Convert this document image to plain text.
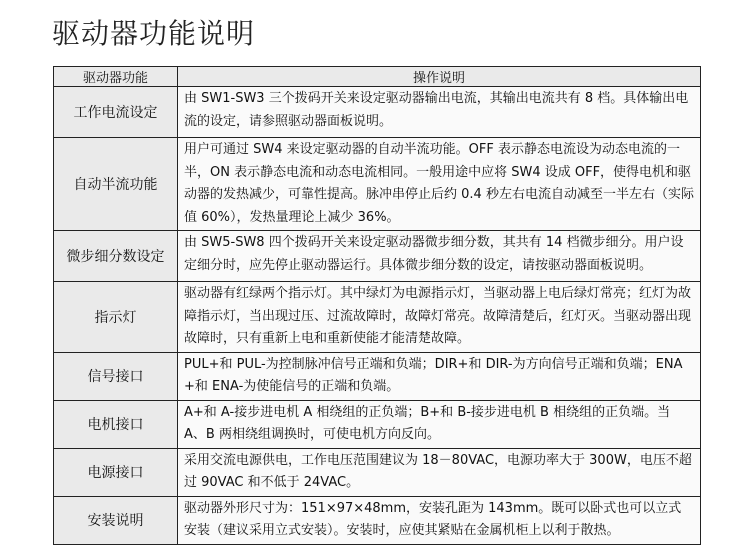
驱动器功能说明
驱动器功能	操作说明
工作电流设定	由 SW1-SW3 三个拨码开关来设定驱动器输出电流，其输出电流共有 8 档。具体输出电流的设定，请参照驱动器面板说明。
自动半流功能	用户可通过 SW4 来设定驱动器的自动半流功能。OFF 表示静态电流设为动态电流的一半，ON 表示静态电流和动态电流相同。一般用途中应将 SW4 设成 OFF，使得电机和驱动器的发热减少，可靠性提高。脉冲串停止后约 0.4 秒左右电流自动减至一半左右（实际值 60%），发热量理论上减少 36%。
微步细分数设定	由 SW5-SW8 四个拨码开关来设定驱动器微步细分数，其共有 14 档微步细分。用户设定细分时，应先停止驱动器运行。具体微步细分数的设定，请按驱动器面板说明。
指示灯	驱动器有红绿两个指示灯。其中绿灯为电源指示灯，当驱动器上电后绿灯常亮；红灯为故障指示灯，当出现过压、过流故障时，故障灯常亮。故障清楚后，红灯灭。当驱动器出现故障时，只有重新上电和重新使能才能清楚故障。
信号接口	PUL+和 PUL-为控制脉冲信号正端和负端；DIR+和 DIR-为方向信号正端和负端；ENA+和 ENA-为使能信号的正端和负端。
电机接口	A+和 A-接步进电机 A 相绕组的正负端；B+和 B-接步进电机 B 相绕组的正负端。当 A、B 两相绕组调换时，可使电机方向反向。
电源接口	采用交流电源供电，工作电压范围建议为 18－80VAC，电源功率大于 300W，电压不超过 90VAC 和不低于 24VAC。
安装说明	驱动器外形尺寸为：151×97×48mm，安装孔距为 143mm。既可以卧式也可以立式安装（建议采用立式安装）。安装时，应使其紧贴在金属机柜上以利于散热。
